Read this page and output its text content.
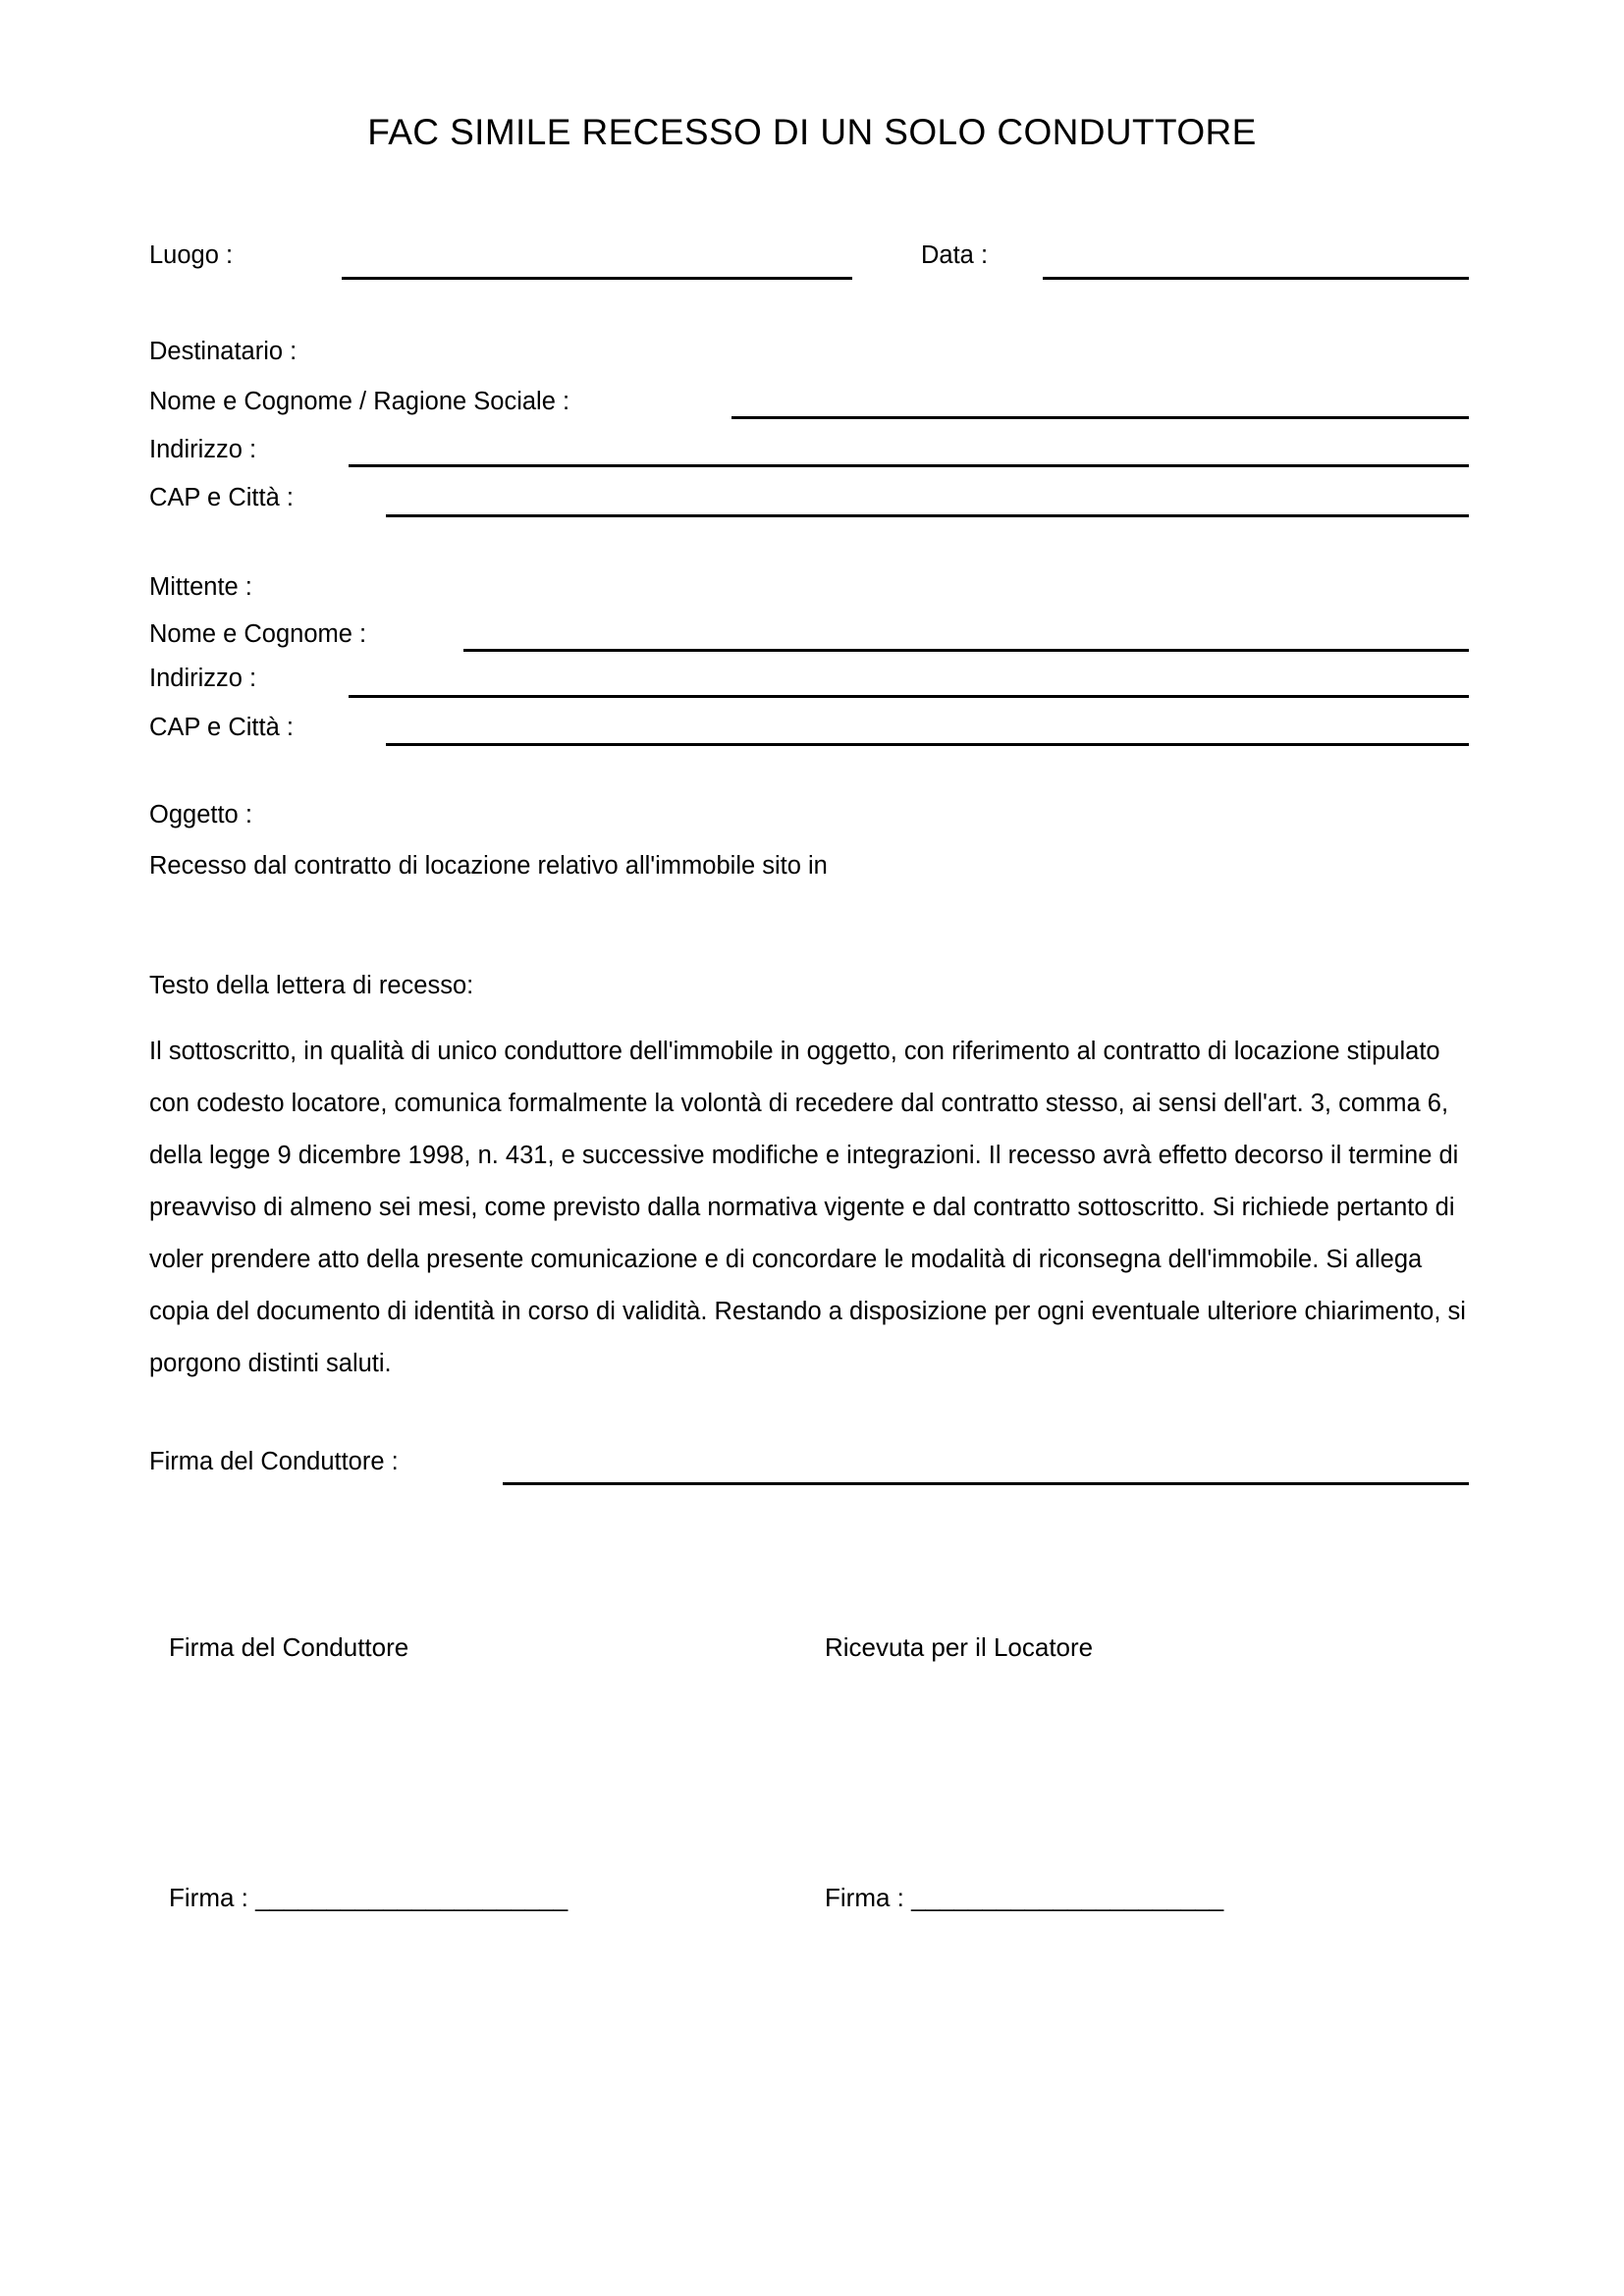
FAC SIMILE RECESSO DI UN SOLO CONDUTTORE
Luogo :	Data :
Destinatario :
Nome e Cognome / Ragione Sociale :
Indirizzo :
CAP e Città :
Mittente :
Nome e Cognome :
Indirizzo :
CAP e Città :
Oggetto :
Recesso dal contratto di locazione relativo all'immobile sito in
Testo della lettera di recesso:
Il sottoscritto, in qualità di unico conduttore dell'immobile in oggetto, con riferimento al contratto di locazione stipulato con codesto locatore, comunica formalmente la volontà di recedere dal contratto stesso, ai sensi dell'art. 3, comma 6, della legge 9 dicembre 1998, n. 431, e successive modifiche e integrazioni. Il recesso avrà effetto decorso il termine di preavviso di almeno sei mesi, come previsto dalla normativa vigente e dal contratto sottoscritto. Si richiede pertanto di voler prendere atto della presente comunicazione e di concordare le modalità di riconsegna dell'immobile. Si allega copia del documento di identità in corso di validità. Restando a disposizione per ogni eventuale ulteriore chiarimento, si porgono distinti saluti.
Firma del Conduttore :
Firma del Conduttore	Ricevuta per il Locatore
Firma : ______________________	Firma : ______________________
